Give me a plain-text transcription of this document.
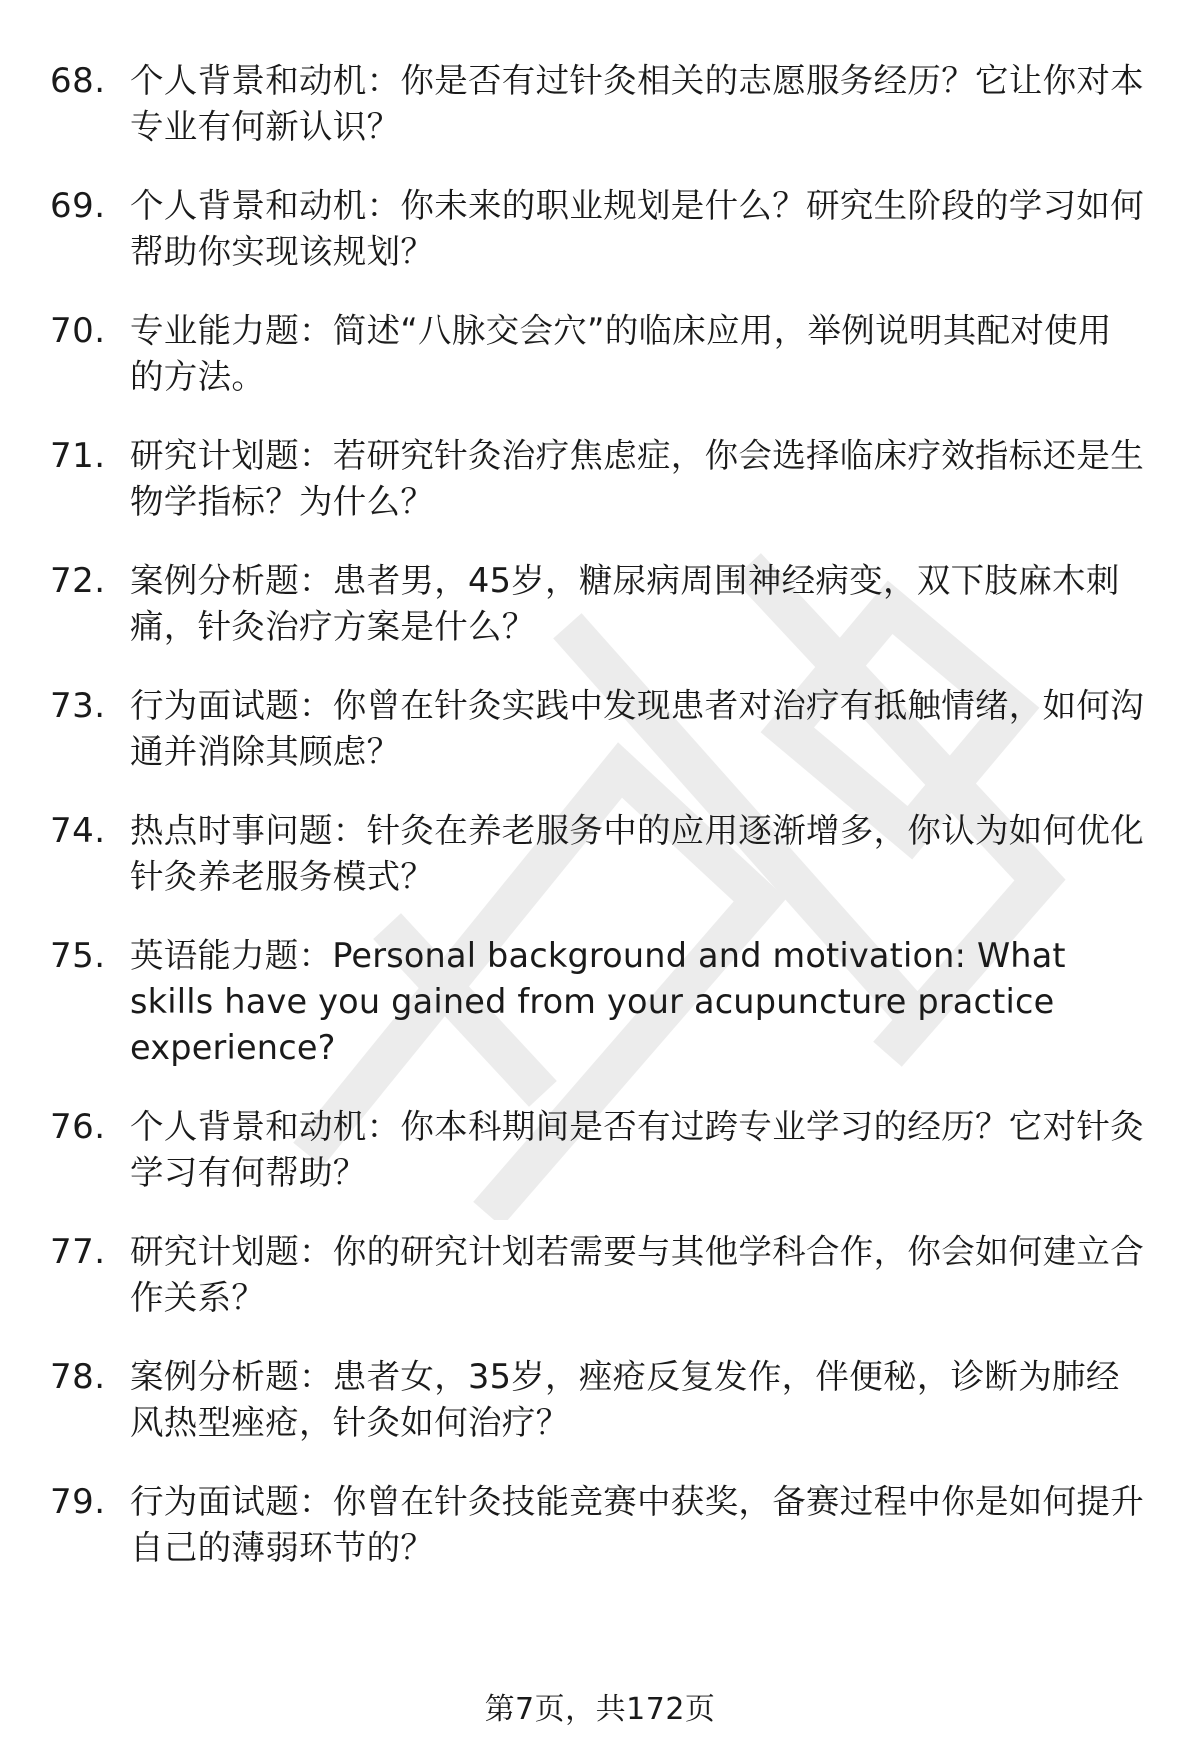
68. 个人背景和动机：你是否有过针灸相关的志愿服务经历？它让你对本专业有何新认识？
69. 个人背景和动机：你未来的职业规划是什么？研究生阶段的学习如何帮助你实现该规划？
70. 专业能力题：简述“八脉交会穴”的临床应用，举例说明其配对使用的方法。
71. 研究计划题：若研究针灸治疗焦虑症，你会选择临床疗效指标还是生物学指标？为什么？
72. 案例分析题：患者男，45岁，糖尿病周围神经病变，双下肢麻木刺痛，针灸治疗方案是什么？
73. 行为面试题：你曾在针灸实践中发现患者对治疗有抵触情绪，如何沟通并消除其顾虑？
74. 热点时事问题：针灸在养老服务中的应用逐渐增多，你认为如何优化针灸养老服务模式？
75. 英语能力题：Personal background and motivation: What skills have you gained from your acupuncture practice experience?
76. 个人背景和动机：你本科期间是否有过跨专业学习的经历？它对针灸学习有何帮助？
77. 研究计划题：你的研究计划若需要与其他学科合作，你会如何建立合作关系？
78. 案例分析题：患者女，35岁，痤疮反复发作，伴便秘，诊断为肺经风热型痤疮，针灸如何治疗？
79. 行为面试题：你曾在针灸技能竞赛中获奖，备赛过程中你是如何提升自己的薄弱环节的？
第7页，共172页
